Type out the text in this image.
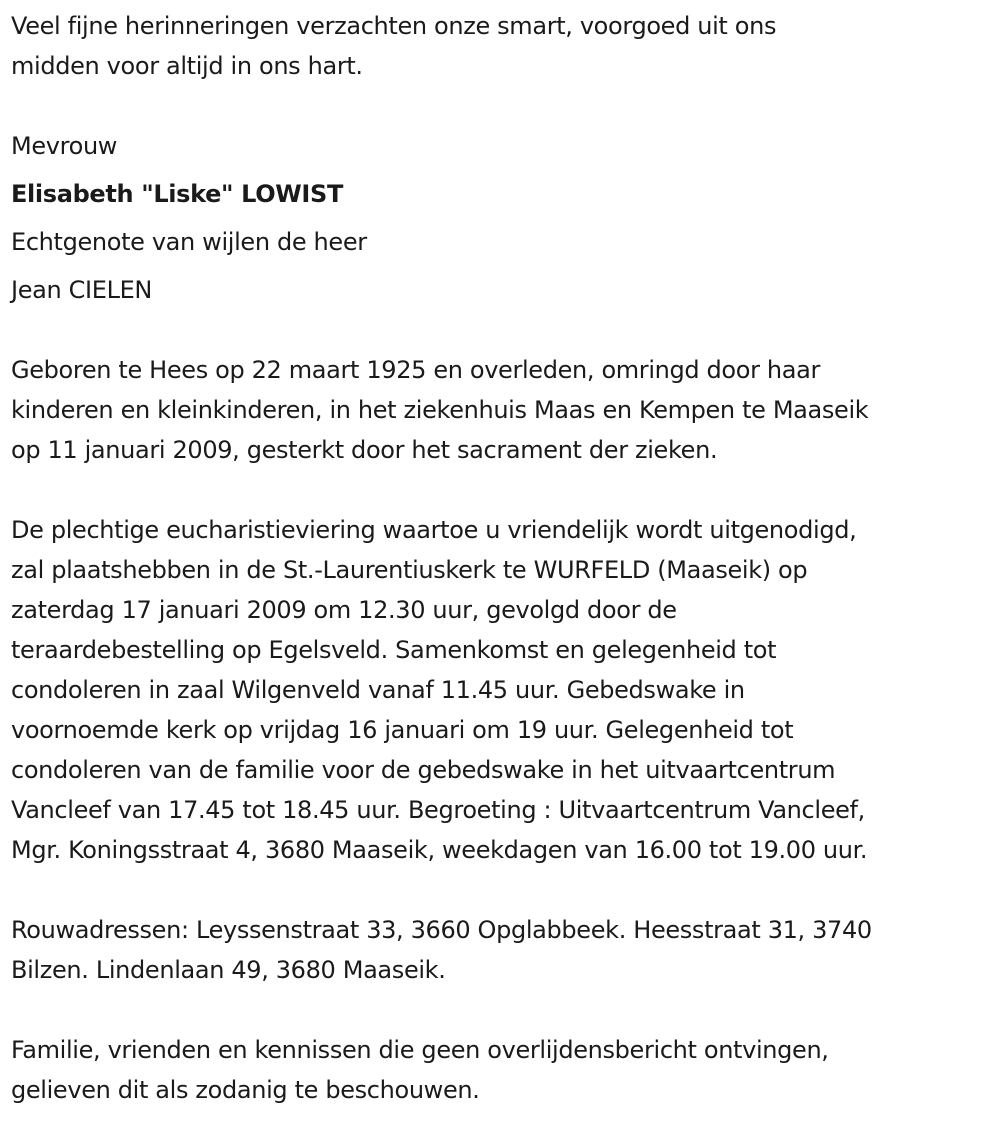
Veel fijne herinneringen verzachten onze smart, voorgoed uit ons
midden voor altijd in ons hart.

Mevrouw

Elisabeth "Liske" LOWIST

Echtgenote van wijlen de heer

Jean CIELEN

Geboren te Hees op 22 maart 1925 en overleden, omringd door haar
kinderen en kleinkinderen, in het ziekenhuis Maas en Kempen te Maaseik
op 11 januari 2009, gesterkt door het sacrament der zieken.

De plechtige eucharistieviering waartoe u vriendelijk wordt uitgenodigd,
zal plaatshebben in de St.-Laurentiuskerk te WURFELD (Maaseik) op
zaterdag 17 januari 2009 om 12.30 uur, gevolgd door de
teraardebestelling op Egelsveld. Samenkomst en gelegenheid tot
condoleren in zaal Wilgenveld vanaf 11.45 uur. Gebedswake in
voornoemde kerk op vrijdag 16 januari om 19 uur. Gelegenheid tot
condoleren van de familie voor de gebedswake in het uitvaartcentrum
Vancleef van 17.45 tot 18.45 uur. Begroeting : Uitvaartcentrum Vancleef,
Mgr. Koningsstraat 4, 3680 Maaseik, weekdagen van 16.00 tot 19.00 uur.

Rouwadressen: Leyssenstraat 33, 3660 Opglabbeek. Heesstraat 31, 3740
Bilzen. Lindenlaan 49, 3680 Maaseik.

Familie, vrienden en kennissen die geen overlijdensbericht ontvingen,
gelieven dit als zodanig te beschouwen.
